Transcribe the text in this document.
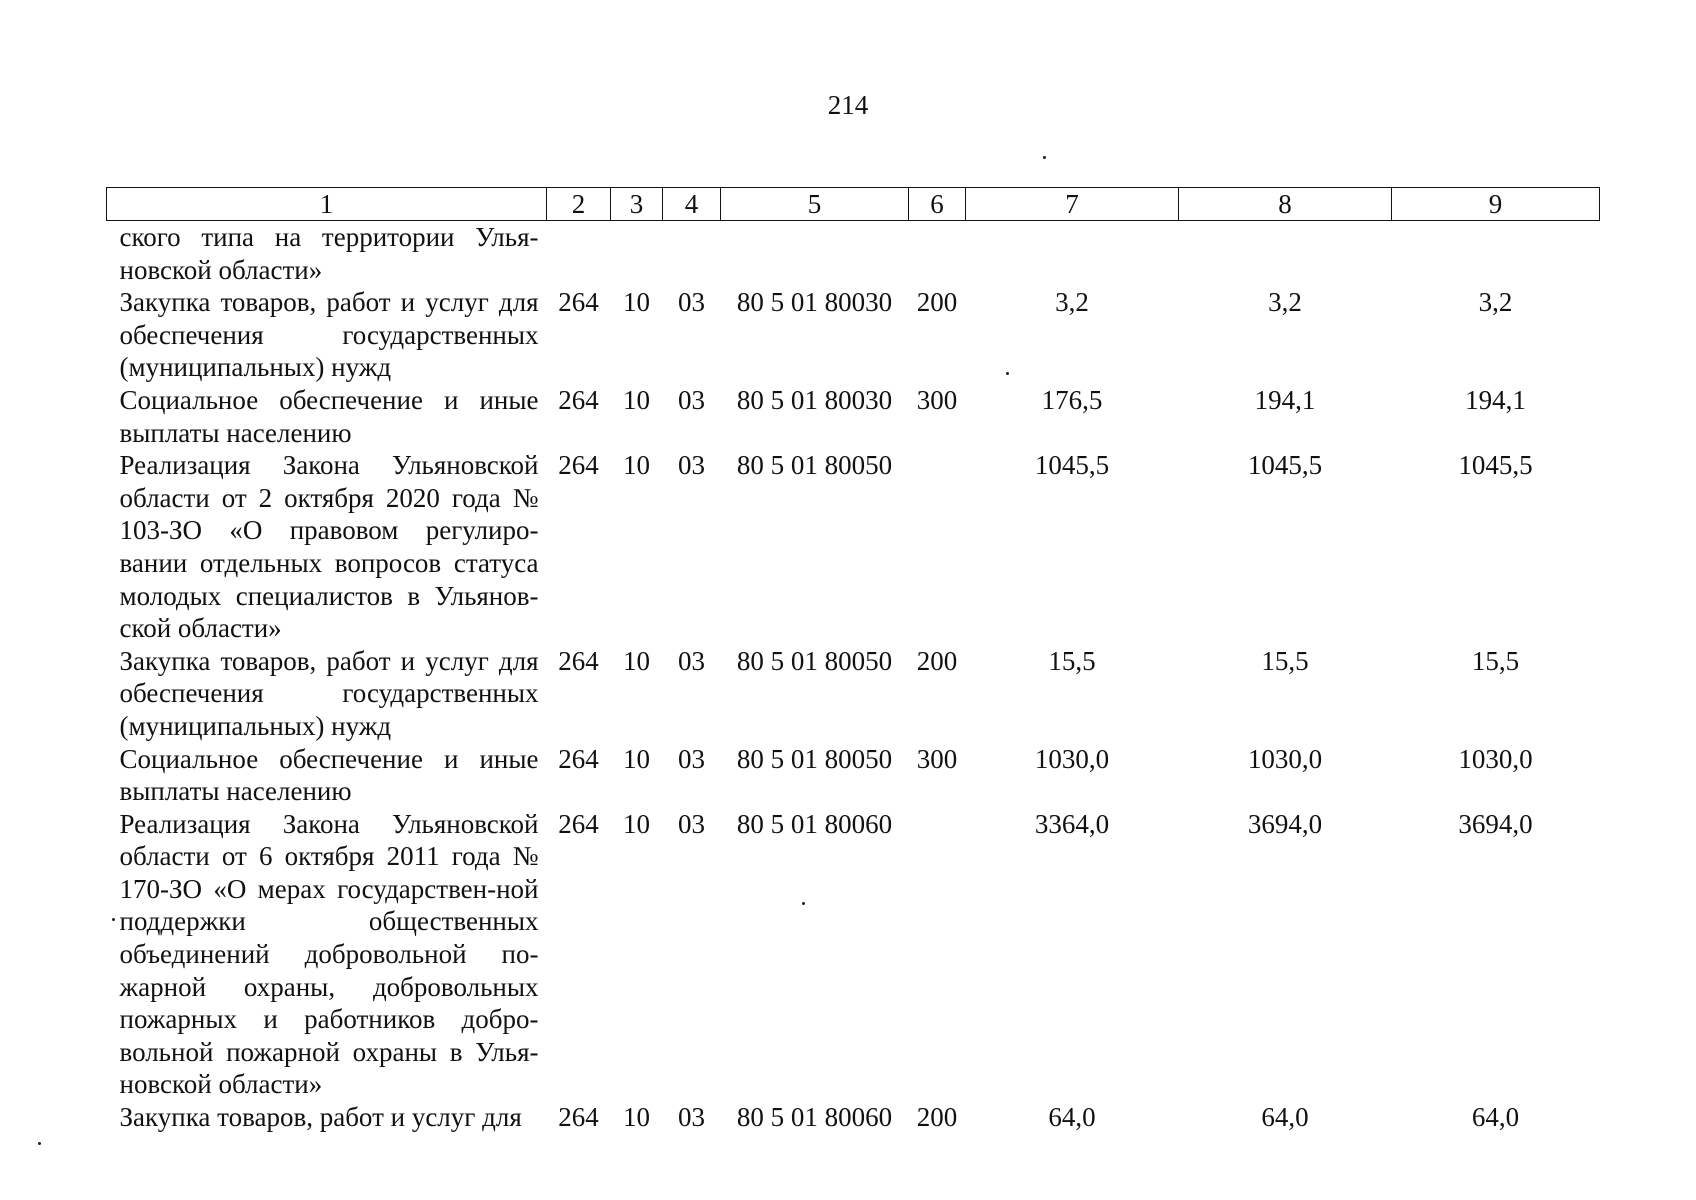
214
1	2	3	4	5	6	7	8	9
ского типа на территории Улья-новской области»								
Закупка товаров, работ и услуг для обеспечения государственных (муниципальных) нужд	264	10	03	80 5 01 80030	200	3,2	3,2	3,2
Социальное обеспечение и иные выплаты населению	264	10	03	80 5 01 80030	300	176,5	194,1	194,1
Реализация Закона Ульяновской области от 2 октября 2020 года № 103-ЗО «О правовом регулиро-вании отдельных вопросов статуса молодых специалистов в Ульянов-ской области»	264	10	03	80 5 01 80050		1045,5	1045,5	1045,5
Закупка товаров, работ и услуг для обеспечения государственных (муниципальных) нужд	264	10	03	80 5 01 80050	200	15,5	15,5	15,5
Социальное обеспечение и иные выплаты населению	264	10	03	80 5 01 80050	300	1030,0	1030,0	1030,0
Реализация Закона Ульяновской области от 6 октября 2011 года № 170-ЗО «О мерах государствен-ной поддержки общественных объединений добровольной по-жарной охраны, добровольных пожарных и работников добро-вольной пожарной охраны в Улья-новской области»	264	10	03	80 5 01 80060		3364,0	3694,0	3694,0
Закупка товаров, работ и услуг для	264	10	03	80 5 01 80060	200	64,0	64,0	64,0
